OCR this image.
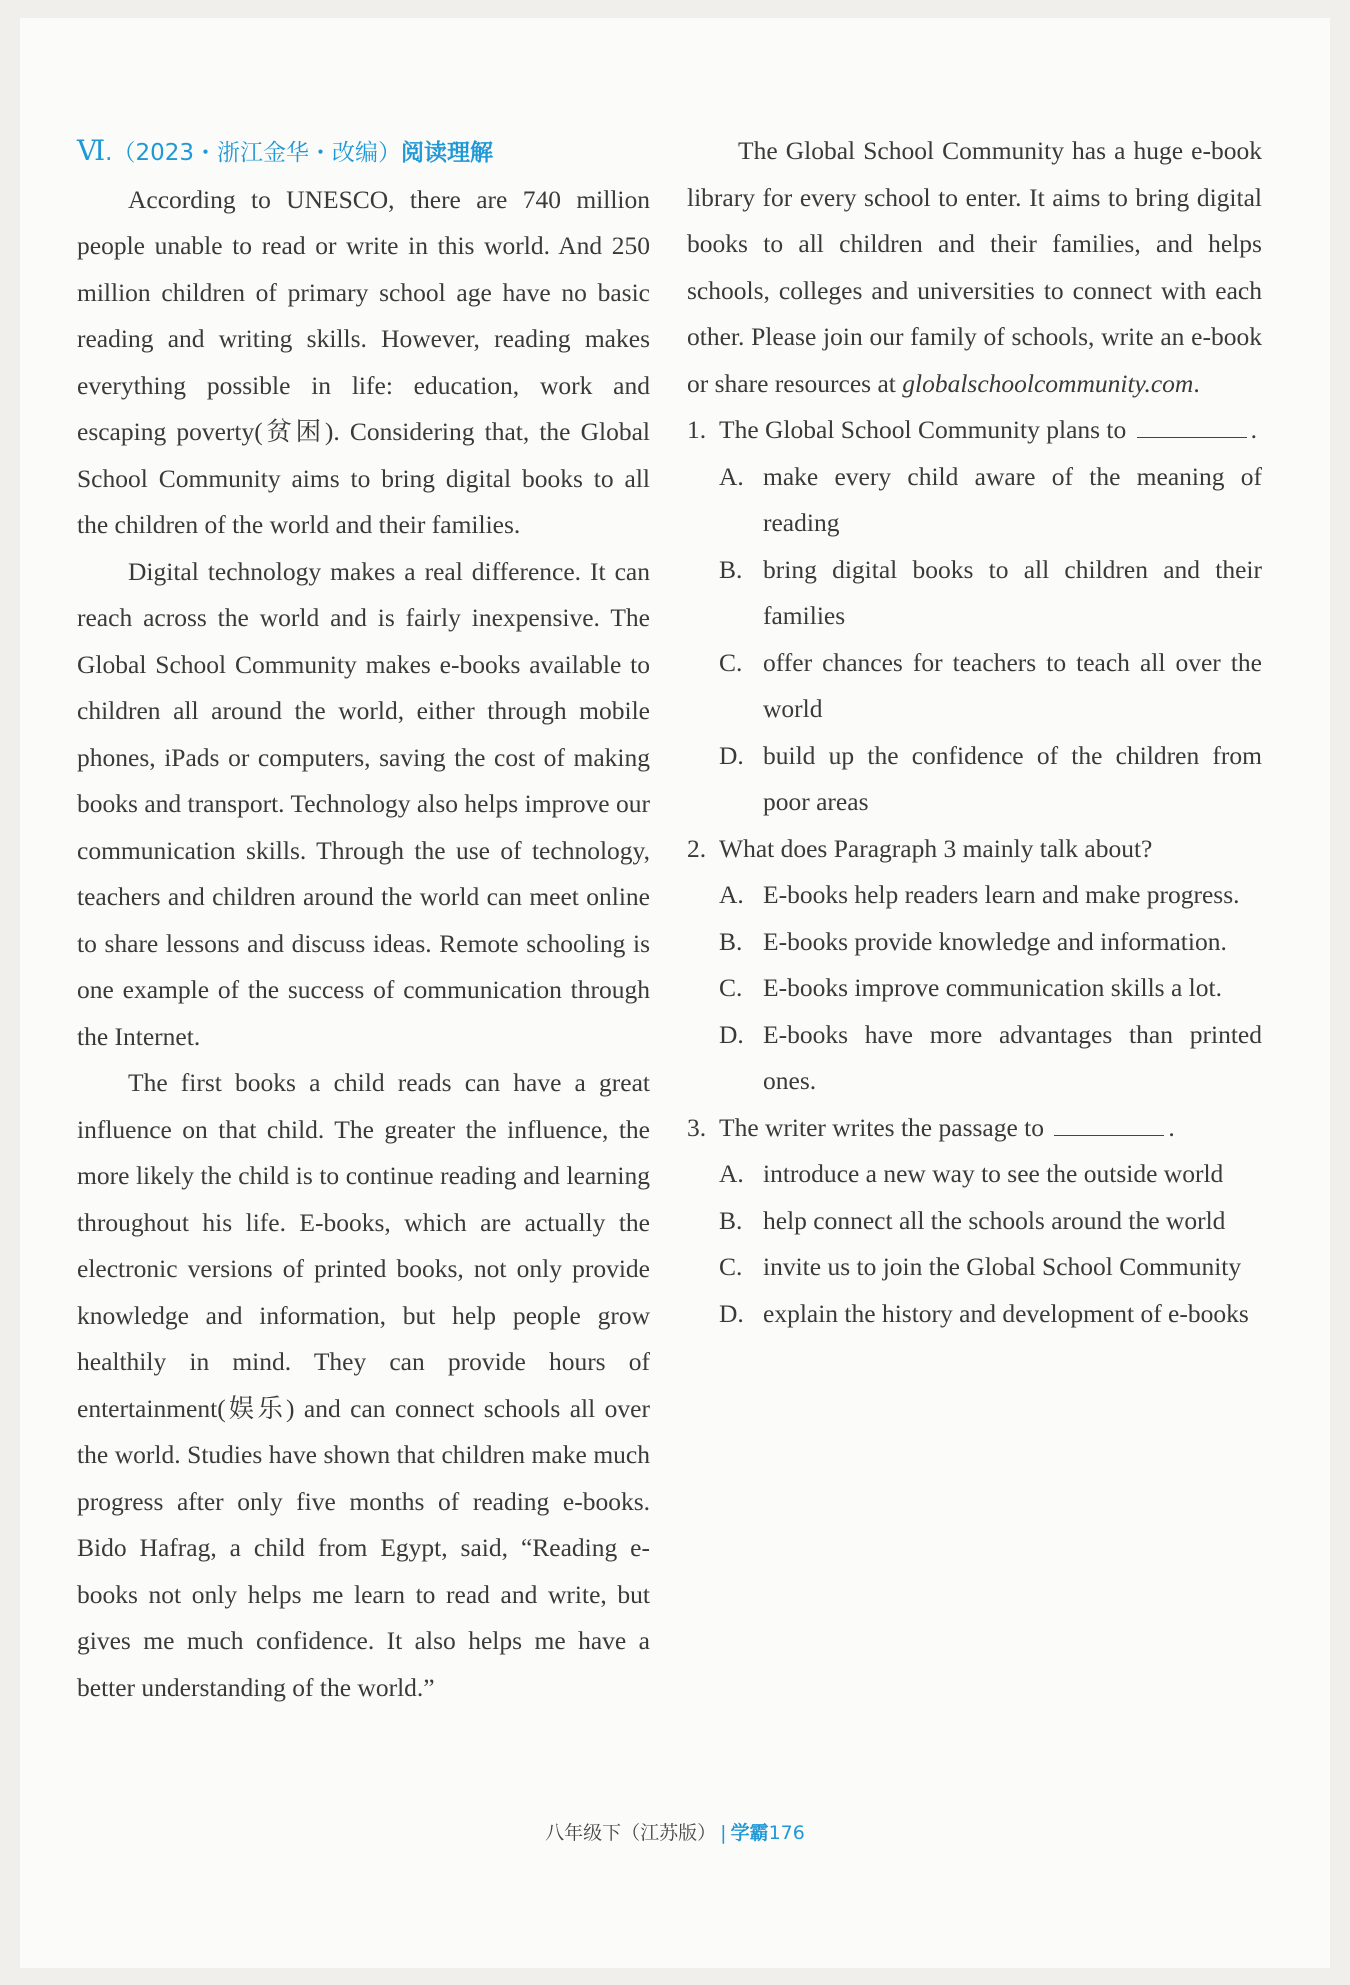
Ⅵ.（2023・浙江金华・改编）阅读理解

According to UNESCO, there are 740 million people unable to read or write in this world. And 250 million children of primary school age have no basic reading and writing skills. However, reading makes everything possible in life: education, work and escaping poverty(贫困). Considering that, the Global School Community aims to bring digital books to all the children of the world and their families.

Digital technology makes a real difference. It can reach across the world and is fairly inexpensive. The Global School Community makes e-books available to children all around the world, either through mobile phones, iPads or computers, saving the cost of making books and transport. Technology also helps improve our communication skills. Through the use of technology, teachers and children around the world can meet online to share lessons and discuss ideas. Remote schooling is one example of the success of communication through the Internet.

The first books a child reads can have a great influence on that child. The greater the influence, the more likely the child is to continue reading and learning throughout his life. E-books, which are actually the electronic versions of printed books, not only provide knowledge and information, but help people grow healthily in mind. They can provide hours of entertainment(娱乐) and can connect schools all over the world. Studies have shown that children make much progress after only five months of reading e-books. Bido Hafrag, a child from Egypt, said, “Reading e-books not only helps me learn to read and write, but gives me much confidence. It also helps me have a better understanding of the world.”

The Global School Community has a huge e-book library for every school to enter. It aims to bring digital books to all children and their families, and helps schools, colleges and universities to connect with each other. Please join our family of schools, write an e-book or share resources at globalschoolcommunity.com.

1. The Global School Community plans to	.
A. make every child aware of the meaning of reading
B. bring digital books to all children and their families
C. offer chances for teachers to teach all over the world
D. build up the confidence of the children from poor areas
2. What does Paragraph 3 mainly talk about?
A. E-books help readers learn and make progress.
B. E-books provide knowledge and information.
C. E-books improve communication skills a lot.
D. E-books have more advantages than printed ones.
3. The writer writes the passage to	.
A. introduce a new way to see the outside world
B. help connect all the schools around the world
C. invite us to join the Global School Community
D. explain the history and development of e-books
八年级下（江苏版） | 学霸176
